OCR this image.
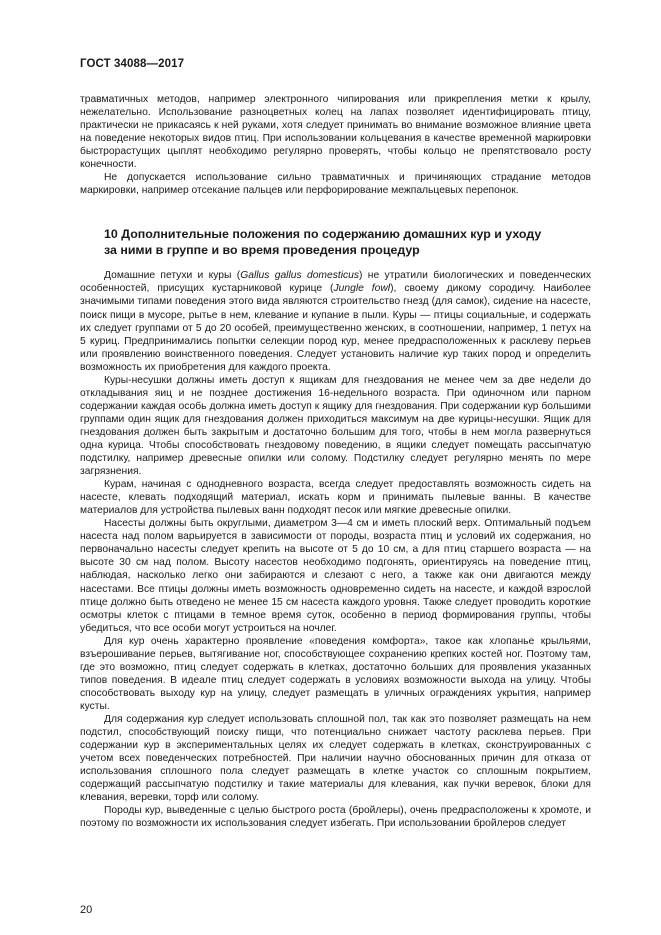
ГОСТ 34088—2017

травматичных методов, например электронного чипирования или прикрепления метки к крылу, нежелательно. Использование разноцветных колец на лапах позволяет идентифицировать птицу, практически не прикасаясь к ней руками, хотя следует принимать во внимание возможное влияние цвета на поведение некоторых видов птиц. При использовании кольцевания в качестве временной маркировки быстрорастущих цыплят необходимо регулярно проверять, чтобы кольцо не препятствовало росту конечности.

Не допускается использование сильно травматичных и причиняющих страдание методов маркировки, например отсекание пальцев или перфорирование межпальцевых перепонок.

10 Дополнительные положения по содержанию домашних кур и уходу
за ними в группе и во время проведения процедур

Домашние петухи и куры (Gallus gallus domesticus) не утратили биологических и поведенческих особенностей, присущих кустарниковой курице (Jungle fowl), своему дикому сородичу. Наиболее значимыми типами поведения этого вида являются строительство гнезд (для самок), сидение на насесте, поиск пищи в мусоре, рытье в нем, клевание и купание в пыли. Куры — птицы социальные, и содержать их следует группами от 5 до 20 особей, преимущественно женских, в соотношении, например, 1 петух на 5 куриц. Предпринимались попытки селекции пород кур, менее предрасположенных к расклеву перьев или проявлению воинственного поведения. Следует установить наличие кур таких пород и определить возможность их приобретения для каждого проекта.

Куры-несушки должны иметь доступ к ящикам для гнездования не менее чем за две недели до откладывания яиц и не позднее достижения 16-недельного возраста. При одиночном или парном содержании каждая особь должна иметь доступ к ящику для гнездования. При содержании кур большими группами один ящик для гнездования должен приходиться максимум на две курицы-несушки. Ящик для гнездования должен быть закрытым и достаточно большим для того, чтобы в нем могла развернуться одна курица. Чтобы способствовать гнездовому поведению, в ящики следует помещать рассыпчатую подстилку, например древесные опилки или солому. Подстилку следует регулярно менять по мере загрязнения.

Курам, начиная с однодневного возраста, всегда следует предоставлять возможность сидеть на насесте, клевать подходящий материал, искать корм и принимать пылевые ванны. В качестве материалов для устройства пылевых ванн подходят песок или мягкие древесные опилки.

Насесты должны быть округлыми, диаметром 3—4 см и иметь плоский верх. Оптимальный подъем насеста над полом варьируется в зависимости от породы, возраста птиц и условий их содержания, но первоначально насесты следует крепить на высоте от 5 до 10 см, а для птиц старшего возраста — на высоте 30 см над полом. Высоту насестов необходимо подгонять, ориентируясь на поведение птиц, наблюдая, насколько легко они забираются и слезают с него, а также как они двигаются между насестами. Все птицы должны иметь возможность одновременно сидеть на насесте, и каждой взрослой птице должно быть отведено не менее 15 см насеста каждого уровня. Также следует проводить короткие осмотры клеток с птицами в темное время суток, особенно в период формирования группы, чтобы убедиться, что все особи могут устроиться на ночлег.

Для кур очень характерно проявление «поведения комфорта», такое как хлопанье крыльями, взъерошивание перьев, вытягивание ног, способствующее сохранению крепких костей ног. Поэтому там, где это возможно, птиц следует содержать в клетках, достаточно больших для проявления указанных типов поведения. В идеале птиц следует содержать в условиях возможности выхода на улицу. Чтобы способствовать выходу кур на улицу, следует размещать в уличных ограждениях укрытия, например кусты.

Для содержания кур следует использовать сплошной пол, так как это позволяет размещать на нем подстил, способствующий поиску пищи, что потенциально снижает частоту расклева перьев. При содержании кур в экспериментальных целях их следует содержать в клетках, сконструированных с учетом всех поведенческих потребностей. При наличии научно обоснованных причин для отказа от использования сплошного пола следует размещать в клетке участок со сплошным покрытием, содержащий рассыпчатую подстилку и такие материалы для клевания, как пучки веревок, блоки для клевания, веревки, торф или солому.

Породы кур, выведенные с целью быстрого роста (бройлеры), очень предрасположены к хромоте, и поэтому по возможности их использования следует избегать. При использовании бройлеров следует

20
